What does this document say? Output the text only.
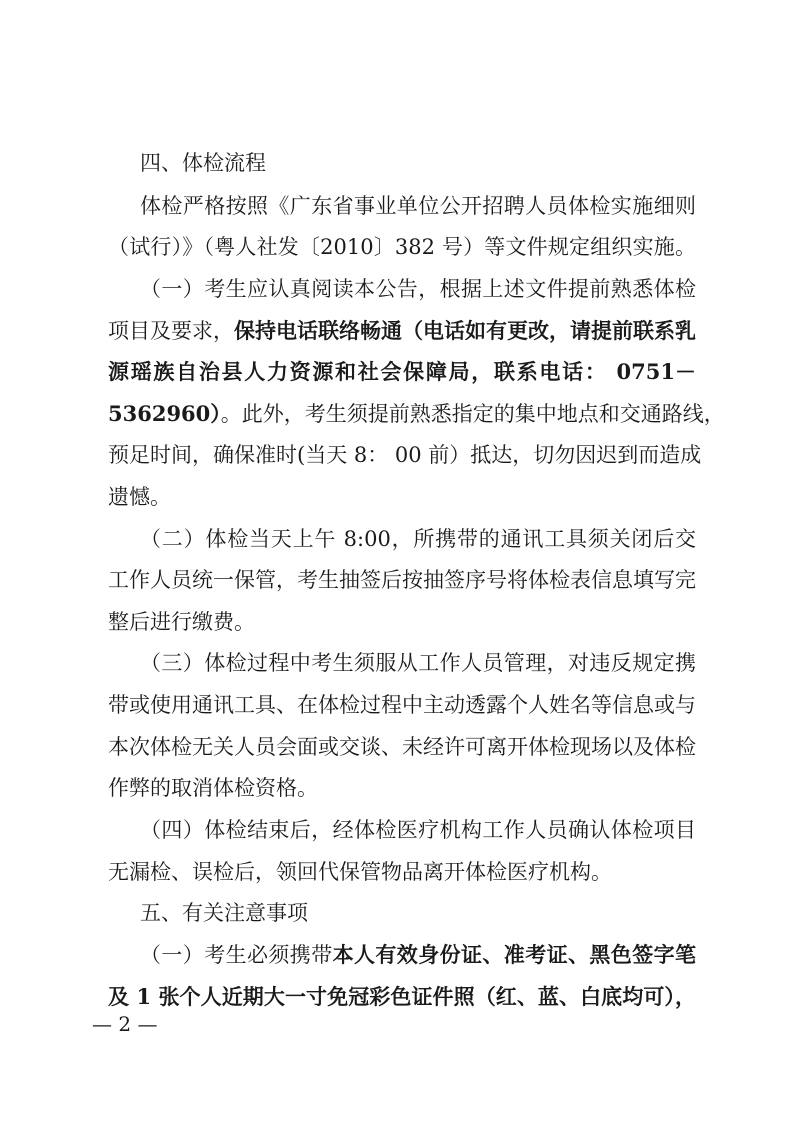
四、体检流程
体检严格按照《广东省事业单位公开招聘人员体检实施细则
（试行）》（粤人社发〔2010〕382 号）等文件规定组织实施。
（一）考生应认真阅读本公告，根据上述文件提前熟悉体检
项目及要求，保持电话联络畅通（电话如有更改，请提前联系乳
源瑶族自治县人力资源和社会保障局，联系电话： 0751－
5362960）。此外，考生须提前熟悉指定的集中地点和交通路线，
预足时间，确保准时(当天 8： 00 前）抵达，切勿因迟到而造成
遗憾。
（二）体检当天上午 8:00，所携带的通讯工具须关闭后交
工作人员统一保管，考生抽签后按抽签序号将体检表信息填写完
整后进行缴费。
（三）体检过程中考生须服从工作人员管理，对违反规定携
带或使用通讯工具、在体检过程中主动透露个人姓名等信息或与
本次体检无关人员会面或交谈、未经许可离开体检现场以及体检
作弊的取消体检资格。
（四）体检结束后，经体检医疗机构工作人员确认体检项目
无漏检、误检后，领回代保管物品离开体检医疗机构。
五、有关注意事项
（一）考生必须携带本人有效身份证、准考证、黑色签字笔
及 1 张个人近期大一寸免冠彩色证件照（红、蓝、白底均可），
— 2 —
